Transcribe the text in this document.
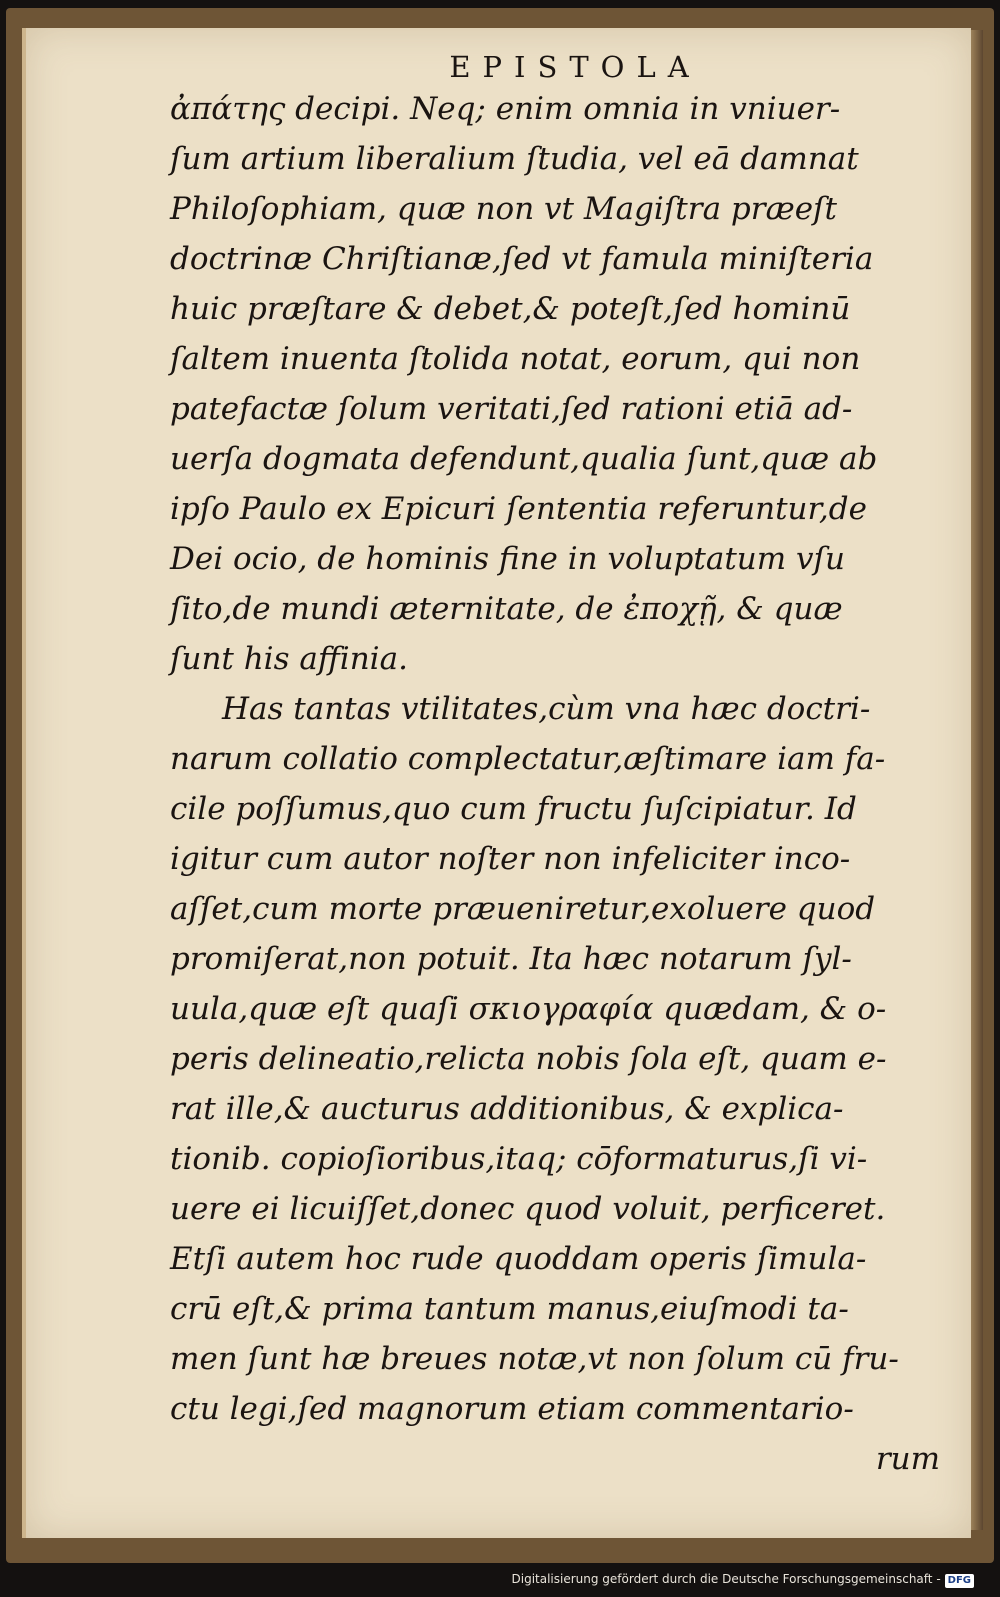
EPISTOLA
ἀπάτης decipi. Neq; enim omnia in vniuer-
ſum artium liberalium ſtudia, vel eā damnat
Philoſophiam, quæ non vt Magiſtra præeſt
doctrinæ Chriſtianæ,ſed vt famula miniſteria
huic præſtare & debet,& poteſt,ſed hominū
ſaltem inuenta ſtolida notat, eorum, qui non
patefactæ ſolum veritati,ſed rationi etiā ad-
uerſa dogmata defendunt,qualia ſunt,quæ ab
ipſo Paulo ex Epicuri ſententia referuntur,de
Dei ocio, de hominis fine in voluptatum vſu
ſito,de mundi æternitate, de ἐποχῇ, & quæ
ſunt his affinia.
Has tantas vtilitates,cùm vna hæc doctri-
narum collatio complectatur,æſtimare iam fa-
cile poſſumus,quo cum fructu ſuſcipiatur. Id
igitur cum autor noſter non infeliciter inco-
aſſet,cum morte præueniretur,exoluere quod
promiſerat,non potuit. Ita hæc notarum ſyl-
uula,quæ eſt quaſi σκιογραφία quædam, & o-
peris delineatio,relicta nobis ſola eſt, quam e-
rat ille,& aucturus additionibus, & explica-
tionib. copioſioribus,itaq; cōformaturus,ſi vi-
uere ei licuiſſet,donec quod voluit, perficeret.
Etſi autem hoc rude quoddam operis ſimula-
crū eſt,& prima tantum manus,eiuſmodi ta-
men ſunt hæ breues notæ,vt non ſolum cū fru-
ctu legi,ſed magnorum etiam commentario-
rum
Digitalisierung gefördert durch die Deutsche Forschungsgemeinschaft - DFG
